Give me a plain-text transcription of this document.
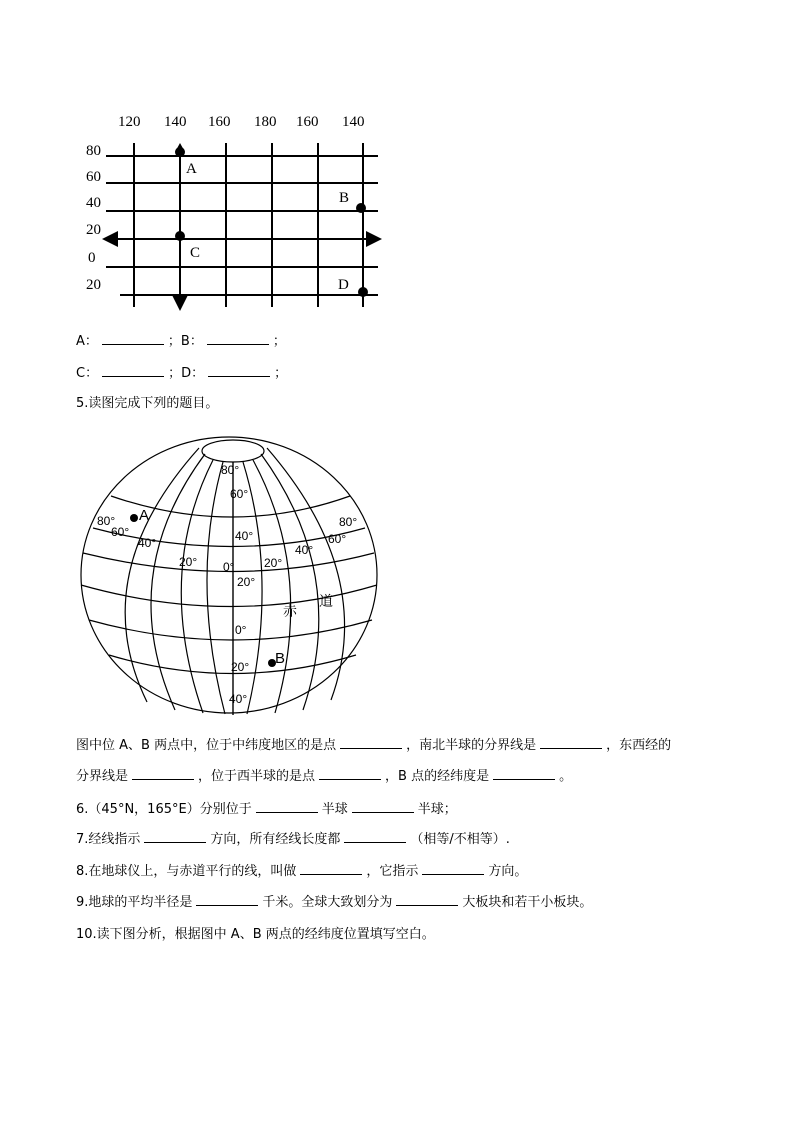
120 140 160 180 160 140
80
60
40
20
0
20
A
B
C
D
A：	；B：	；
C：	；D：	；
5.读图完成下列的题目。
80°
60°
40°
20°
0°
20°
40°
80°
60°
40°
20° 0° 20°
40°
60°
80°
赤
道
A
B
图中位 A、B 两点中，位于中纬度地区的是点	，南北半球的分界线是	，东西经的
分界线是	，位于西半球的是点	，B 点的经纬度是	。
6.（45°N，165°E）分别位于	半球	半球；
7.经线指示	方向，所有经线长度都	（相等/不相等）.
8.在地球仪上，与赤道平行的线，叫做	，它指示	方向。
9.地球的平均半径是	千米。全球大致划分为	大板块和若干小板块。
10.读下图分析，根据图中 A、B 两点的经纬度位置填写空白。
